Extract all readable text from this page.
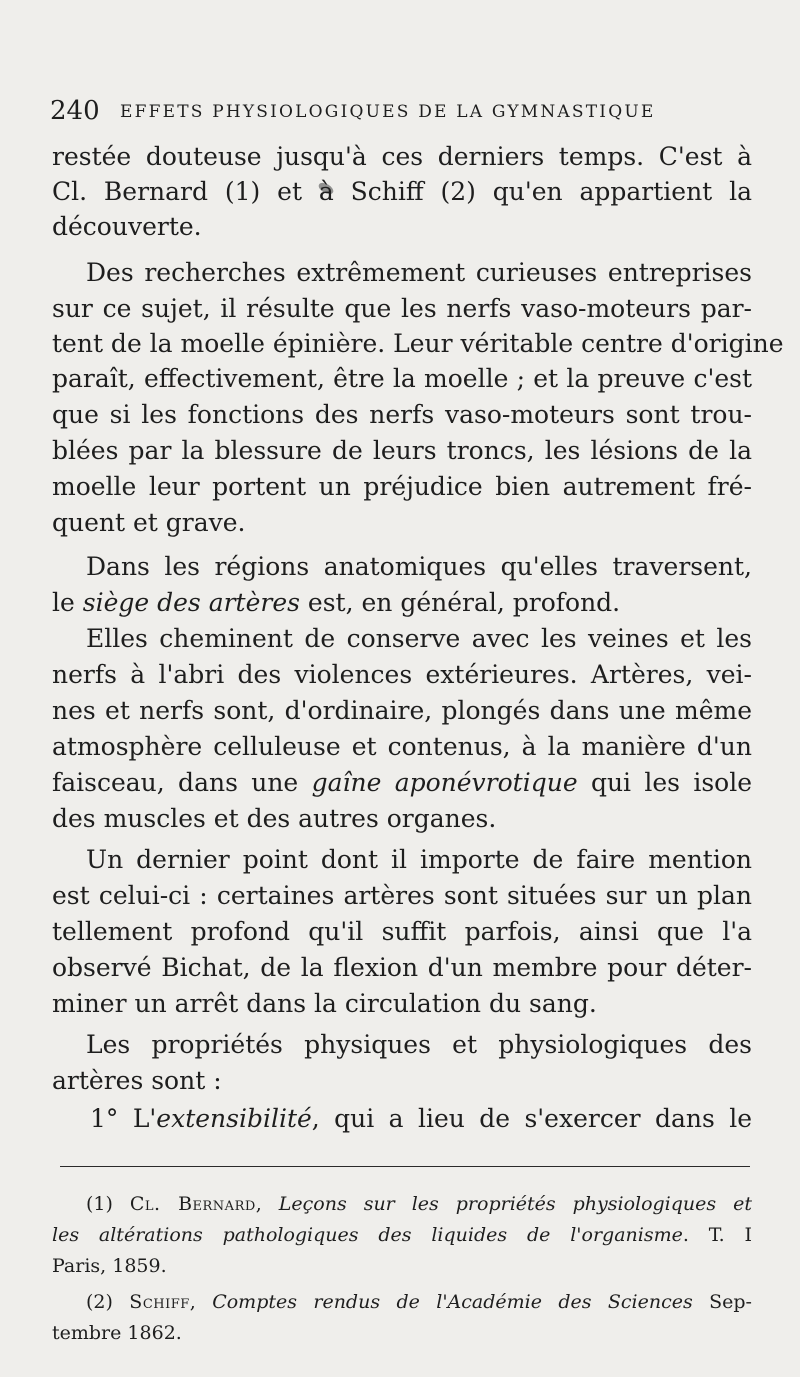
240 EFFETS PHYSIOLOGIQUES DE LA GYMNASTIQUE
restée douteuse jusqu'à ces derniers temps. C'est à
Cl. Bernard (1) et à Schiff (2) qu'en appartient la
découverte.
Des recherches extrêmement curieuses entreprises
sur ce sujet, il résulte que les nerfs vaso-moteurs par-
tent de la moelle épinière. Leur véritable centre d'origine
paraît, effectivement, être la moelle ; et la preuve c'est
que si les fonctions des nerfs vaso-moteurs sont trou-
blées par la blessure de leurs troncs, les lésions de la
moelle leur portent un préjudice bien autrement fré-
quent et grave.
Dans les régions anatomiques qu'elles traversent,
le siège des artères est, en général, profond.
Elles cheminent de conserve avec les veines et les
nerfs à l'abri des violences extérieures. Artères, vei-
nes et nerfs sont, d'ordinaire, plongés dans une même
atmosphère celluleuse et contenus, à la manière d'un
faisceau, dans une gaîne aponévrotique qui les isole
des muscles et des autres organes.
Un dernier point dont il importe de faire mention
est celui-ci : certaines artères sont situées sur un plan
tellement profond qu'il suffit parfois, ainsi que l'a
observé Bichat, de la flexion d'un membre pour déter-
miner un arrêt dans la circulation du sang.
Les propriétés physiques et physiologiques des
artères sont :
1° L'extensibilité, qui a lieu de s'exercer dans le
(1) Cl. Bernard, Leçons sur les propriétés physiologiques et
les altérations pathologiques des liquides de l'organisme. T. I
Paris, 1859.
(2) Schiff, Comptes rendus de l'Académie des Sciences Sep-
tembre 1862.
